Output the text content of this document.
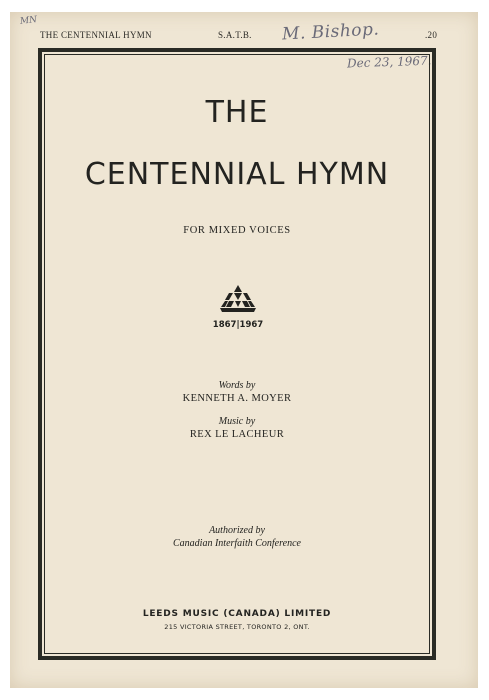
THE CENTENNIAL HYMN	S.A.T.B.	.20
MN	M. Bishop.
Dec 23, 1967.
THE
CENTENNIAL HYMN
FOR MIXED VOICES
1867|1967
Words by
KENNETH A. MOYER
Music by
REX LE LACHEUR
Authorized by
Canadian Interfaith Conference
LEEDS MUSIC (CANADA) LIMITED
215 VICTORIA STREET, TORONTO 2, ONT.
